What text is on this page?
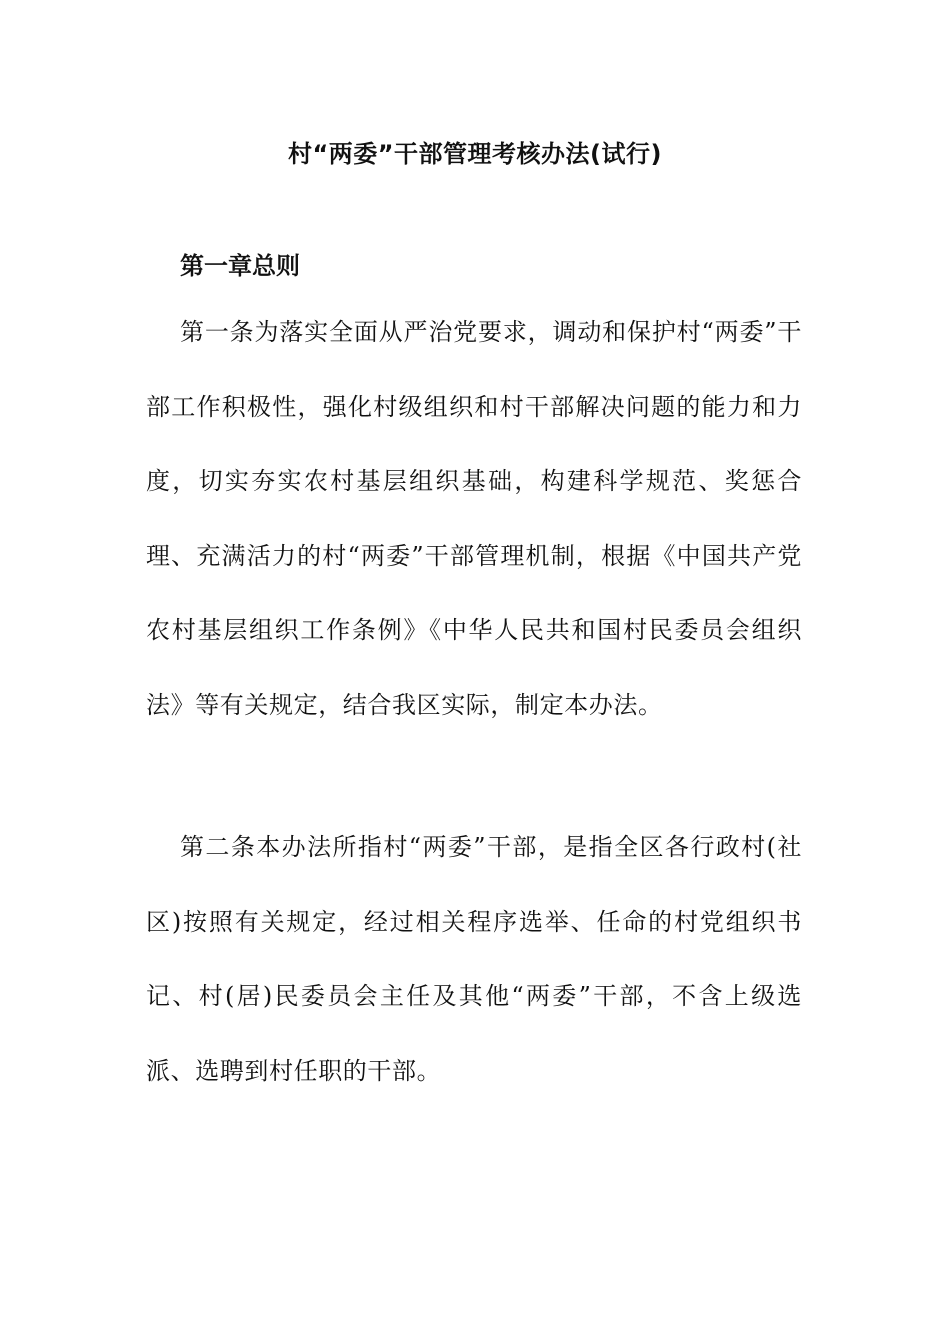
村“两委”干部管理考核办法(试行)
第一章总则

第一条为落实全面从严治党要求，调动和保护村“两委”干部工作积极性，强化村级组织和村干部解决问题的能力和力度，切实夯实农村基层组织基础，构建科学规范、奖惩合理、充满活力的村“两委”干部管理机制，根据《中国共产党农村基层组织工作条例》《中华人民共和国村民委员会组织法》等有关规定，结合我区实际，制定本办法。

第二条本办法所指村“两委”干部，是指全区各行政村(社区)按照有关规定，经过相关程序选举、任命的村党组织书记、村(居)民委员会主任及其他“两委”干部，不含上级选派、选聘到村任职的干部。
